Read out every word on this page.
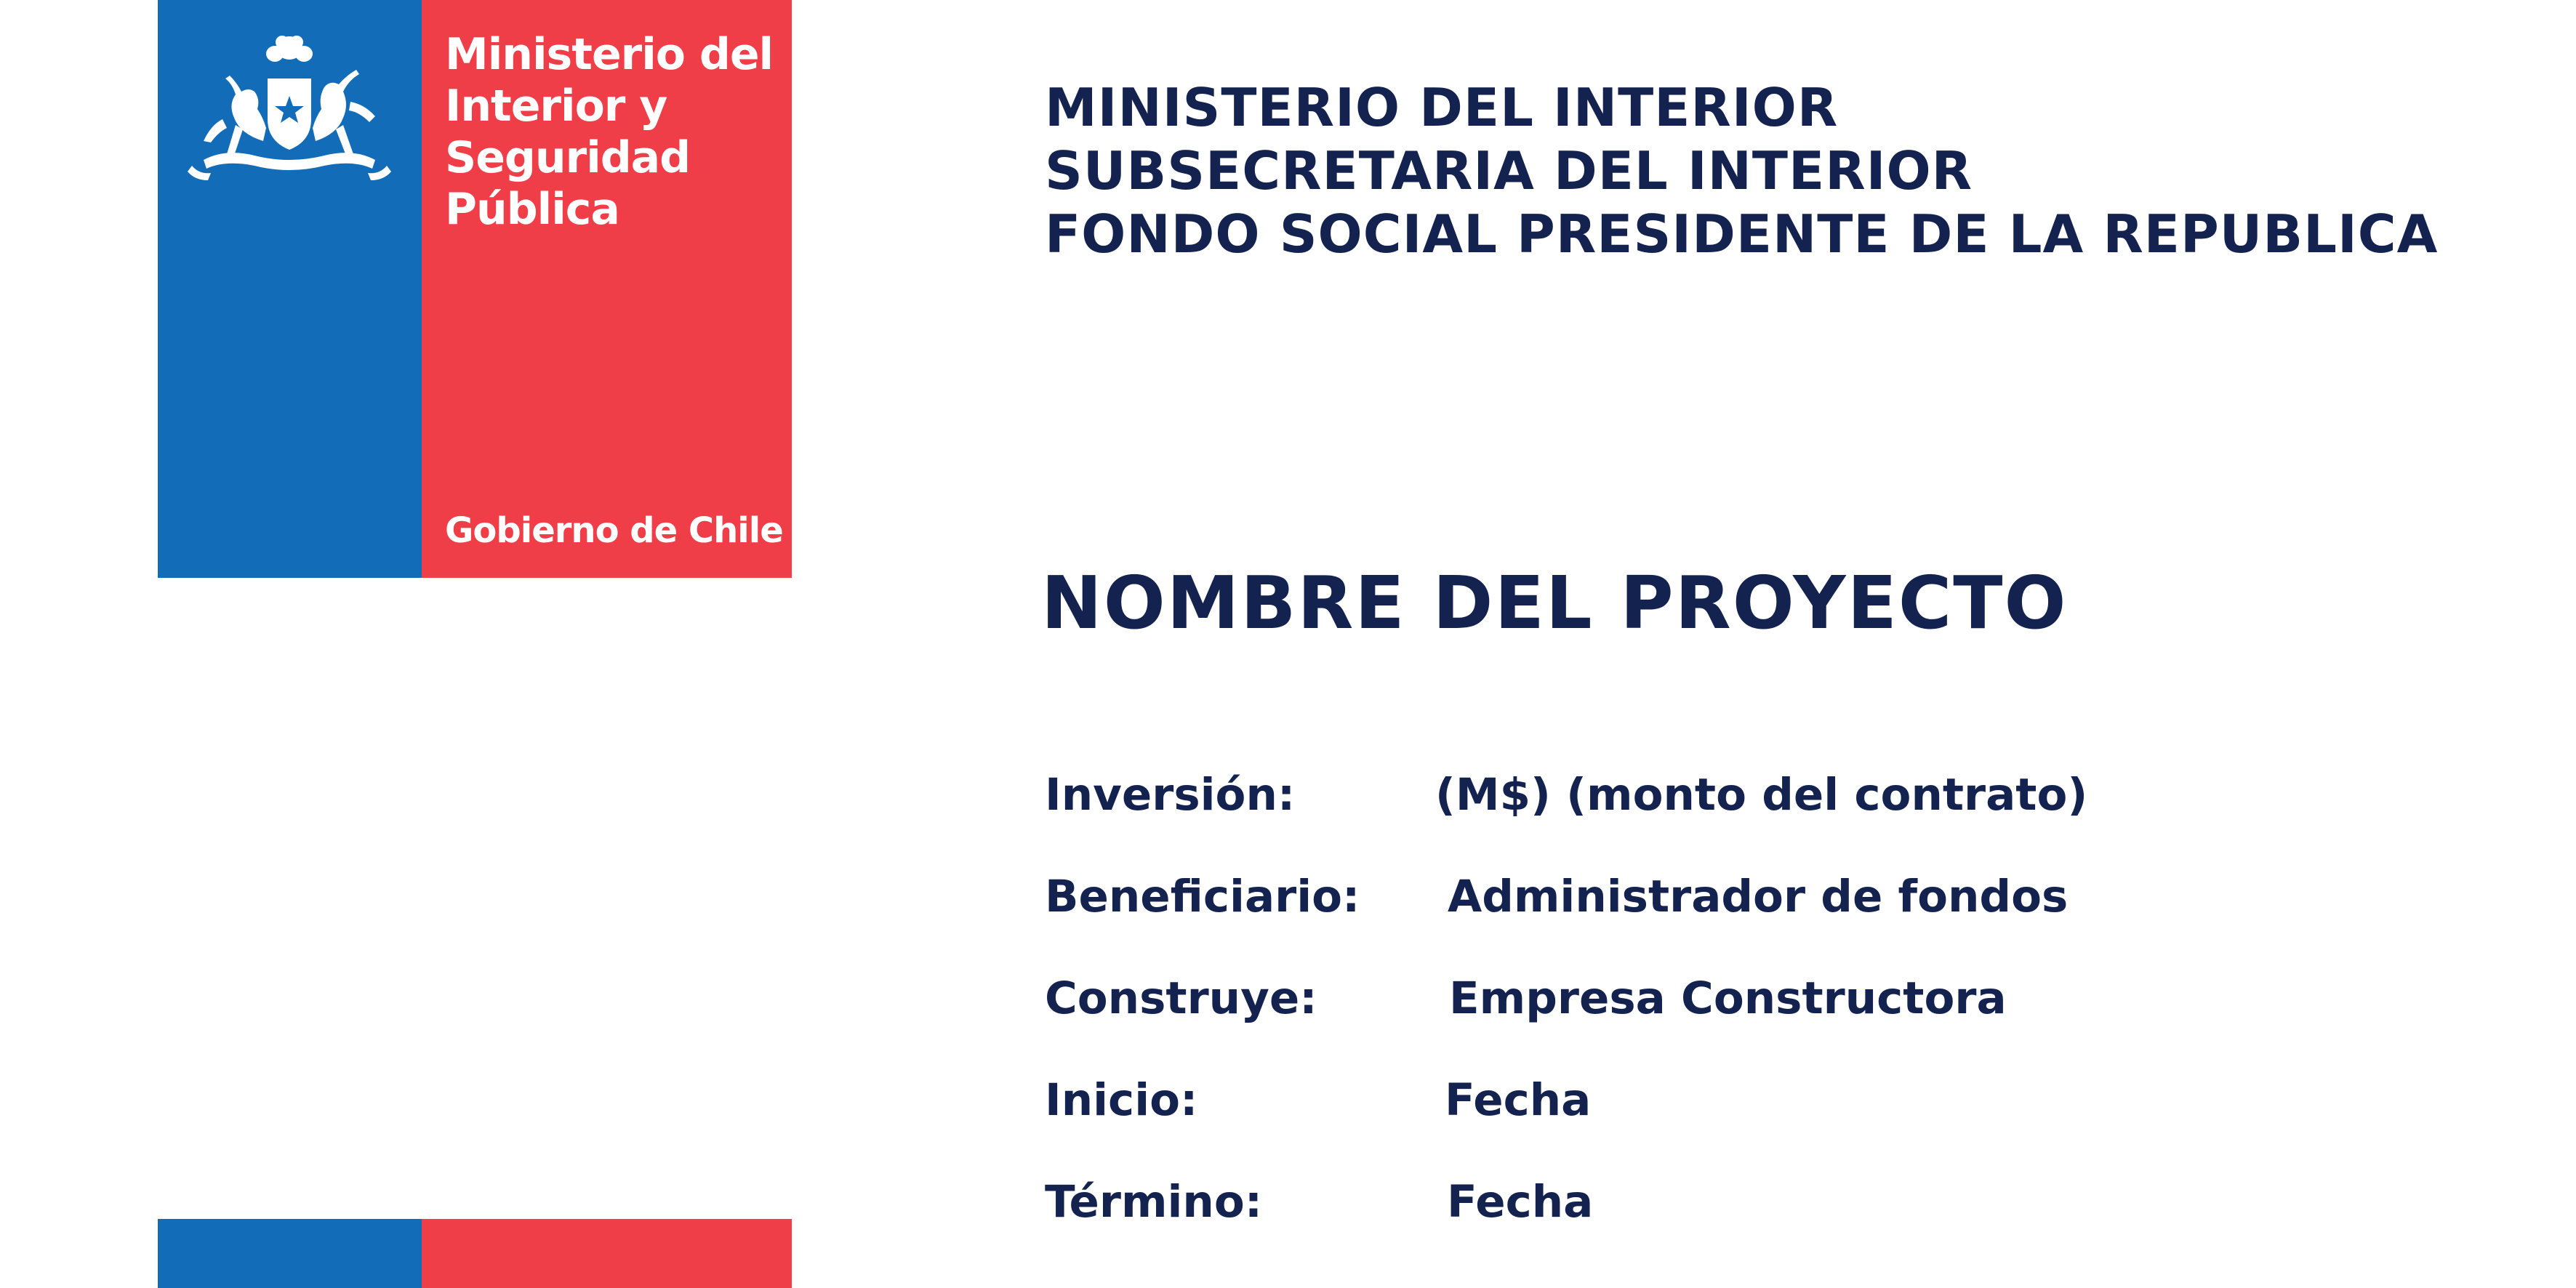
Ministerio del
Interior y
Seguridad
Pública
Gobierno de Chile
MINISTERIO DEL INTERIOR
SUBSECRETARIA DEL INTERIOR
FONDO SOCIAL PRESIDENTE DE LA REPUBLICA
NOMBRE DEL PROYECTO
Inversión:	(M$) (monto del contrato)
Beneficiario: Administrador de fondos
Construye:	Empresa Constructora
Inicio:	Fecha
Término:	Fecha
